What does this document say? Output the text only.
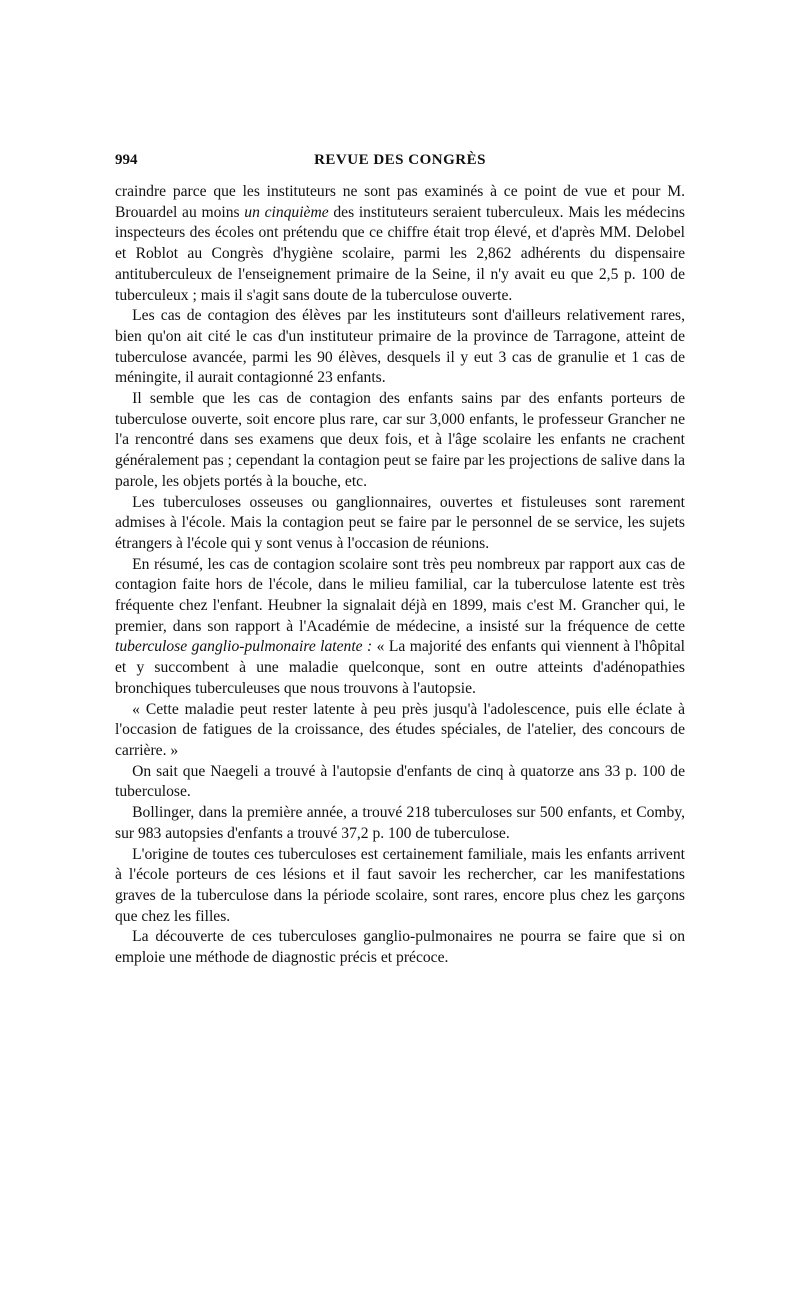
994	REVUE DES CONGRÈS

craindre parce que les instituteurs ne sont pas examinés à ce point de vue et pour M. Brouardel au moins un cinquième des instituteurs seraient tuberculeux. Mais les médecins inspecteurs des écoles ont prétendu que ce chiffre était trop élevé, et d'après MM. Delobel et Roblot au Congrès d'hygiène scolaire, parmi les 2,862 adhérents du dispensaire antituberculeux de l'enseignement primaire de la Seine, il n'y avait eu que 2,5 p. 100 de tuberculeux ; mais il s'agit sans doute de la tuberculose ouverte.

Les cas de contagion des élèves par les instituteurs sont d'ailleurs relativement rares, bien qu'on ait cité le cas d'un instituteur primaire de la province de Tarragone, atteint de tuberculose avancée, parmi les 90 élèves, desquels il y eut 3 cas de granulie et 1 cas de méningite, il aurait contagionné 23 enfants.

Il semble que les cas de contagion des enfants sains par des enfants porteurs de tuberculose ouverte, soit encore plus rare, car sur 3,000 enfants, le professeur Grancher ne l'a rencontré dans ses examens que deux fois, et à l'âge scolaire les enfants ne crachent généralement pas ; cependant la contagion peut se faire par les projections de salive dans la parole, les objets portés à la bouche, etc.

Les tuberculoses osseuses ou ganglionnaires, ouvertes et fistuleuses sont rarement admises à l'école. Mais la contagion peut se faire par le personnel de se service, les sujets étrangers à l'école qui y sont venus à l'occasion de réunions.

En résumé, les cas de contagion scolaire sont très peu nombreux par rapport aux cas de contagion faite hors de l'école, dans le milieu familial, car la tuberculose latente est très fréquente chez l'enfant. Heubner la signalait déjà en 1899, mais c'est M. Grancher qui, le premier, dans son rapport à l'Académie de médecine, a insisté sur la fréquence de cette tuberculose ganglio-pulmonaire latente : « La majorité des enfants qui viennent à l'hôpital et y succombent à une maladie quelconque, sont en outre atteints d'adénopathies bronchiques tuberculeuses que nous trouvons à l'autopsie.

« Cette maladie peut rester latente à peu près jusqu'à l'adolescence, puis elle éclate à l'occasion de fatigues de la croissance, des études spéciales, de l'atelier, des concours de carrière. »

On sait que Naegeli a trouvé à l'autopsie d'enfants de cinq à quatorze ans 33 p. 100 de tuberculose.

Bollinger, dans la première année, a trouvé 218 tuberculoses sur 500 enfants, et Comby, sur 983 autopsies d'enfants a trouvé 37,2 p. 100 de tuberculose.

L'origine de toutes ces tuberculoses est certainement familiale, mais les enfants arrivent à l'école porteurs de ces lésions et il faut savoir les rechercher, car les manifestations graves de la tuberculose dans la période scolaire, sont rares, encore plus chez les garçons que chez les filles.

La découverte de ces tuberculoses ganglio-pulmonaires ne pourra se faire que si on emploie une méthode de diagnostic précis et précoce.
